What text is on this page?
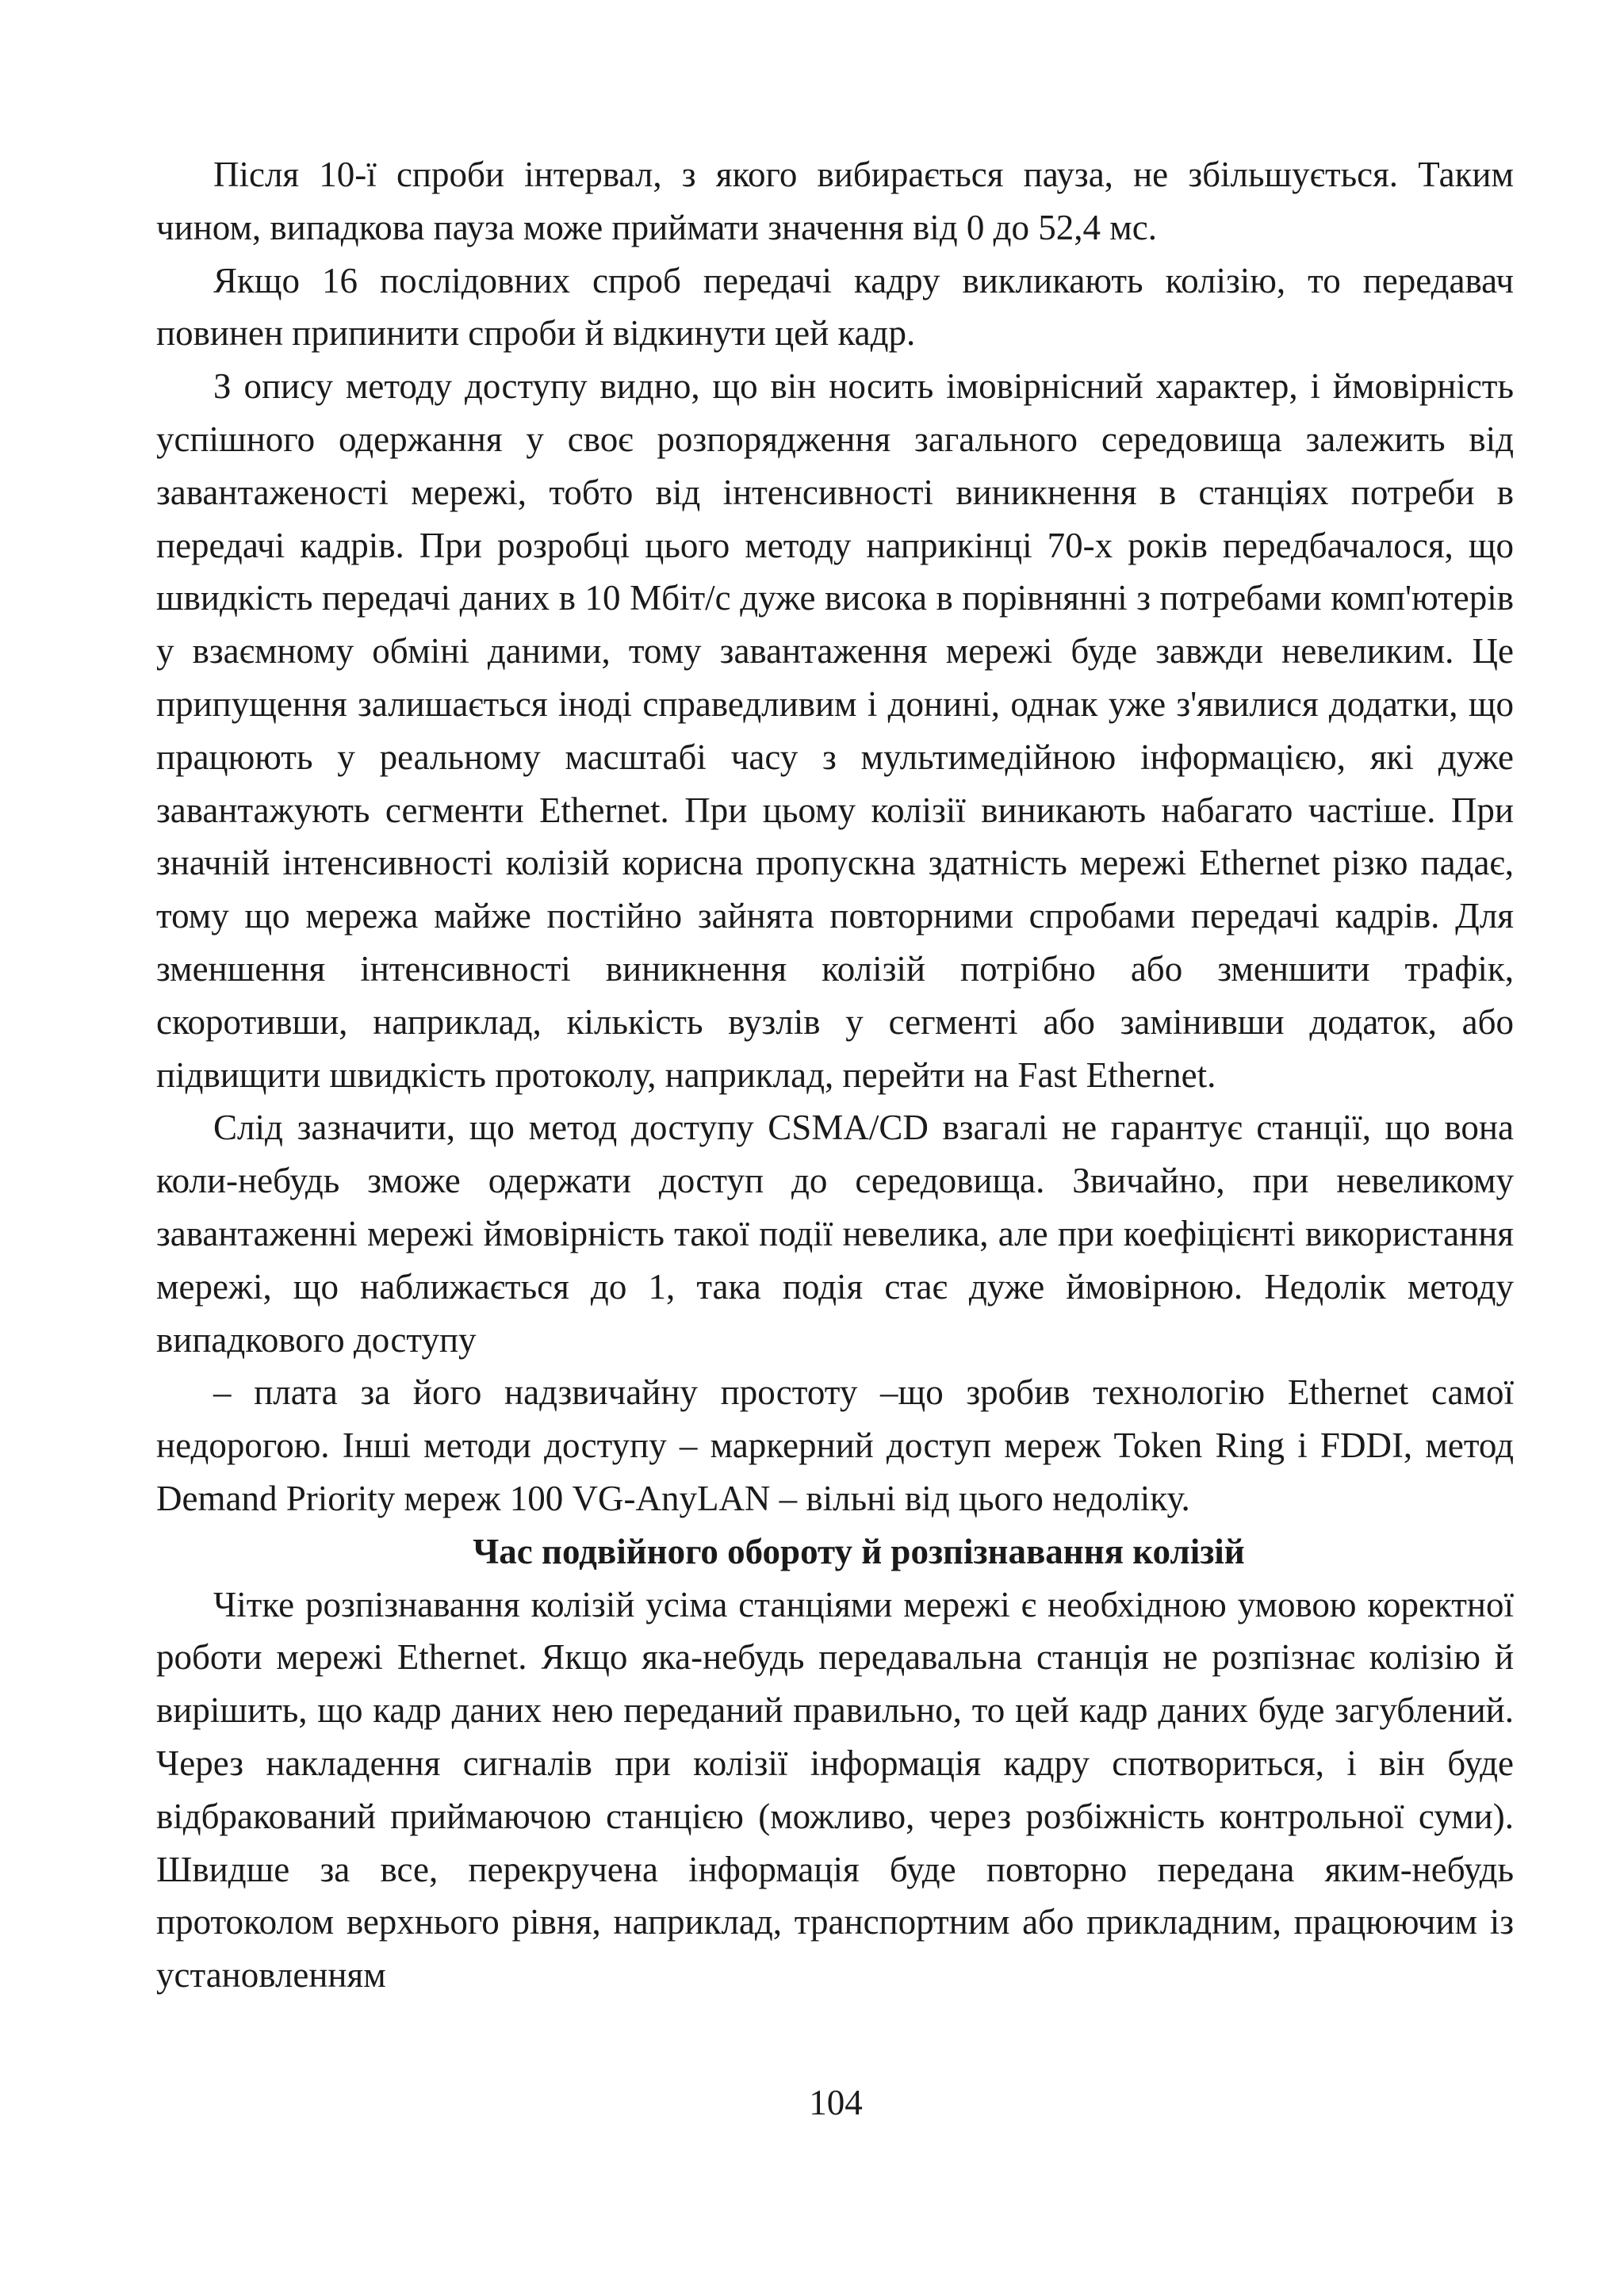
Після 10-ї спроби інтервал, з якого вибирається пауза, не збільшується. Таким чином, випадкова пауза може приймати значення від 0 до 52,4 мс.

Якщо 16 послідовних спроб передачі кадру викликають колізію, то передавач повинен припинити спроби й відкинути цей кадр.

З опису методу доступу видно, що він носить імовірнісний характер, і ймовірність успішного одержання у своє розпорядження загального середовища залежить від завантаженості мережі, тобто від інтенсивності виникнення в станціях потреби в передачі кадрів. При розробці цього методу наприкінці 70-х років передбачалося, що швидкість передачі даних в 10 Мбіт/с дуже висока в порівнянні з потребами комп'ютерів у взаємному обміні даними, тому завантаження мережі буде завжди невеликим. Це припущення залишається іноді справедливим і донині, однак уже з'явилися додатки, що працюють у реальному масштабі часу з мультимедійною інформацією, які дуже завантажують сегменти Ethernet. При цьому колізії виникають набагато частіше. При значній інтенсивності колізій корисна пропускна здатність мережі Ethernet різко падає, тому що мережа майже постійно зайнята повторними спробами передачі кадрів. Для зменшення інтенсивності виникнення колізій потрібно або зменшити трафік, скоротивши, наприклад, кількість вузлів у сегменті або замінивши додаток, або підвищити швидкість протоколу, наприклад, перейти на Fast Ethernet.

Слід зазначити, що метод доступу CSMA/CD взагалі не гарантує станції, що вона коли-небудь зможе одержати доступ до середовища. Звичайно, при невеликому завантаженні мережі ймовірність такої події невелика, але при коефіцієнті використання мережі, що наближається до 1, така подія стає дуже ймовірною. Недолік методу випадкового доступу

– плата за його надзвичайну простоту –що зробив технологію Ethernet самої недорогою. Інші методи доступу – маркерний доступ мереж Token Ring і FDDI, метод Demand Priority мереж 100 VG-AnyLAN – вільні від цього недоліку.

Час подвійного обороту й розпізнавання колізій

Чітке розпізнавання колізій усіма станціями мережі є необхідною умовою коректної роботи мережі Ethernet. Якщо яка-небудь передавальна станція не розпізнає колізію й вирішить, що кадр даних нею переданий правильно, то цей кадр даних буде загублений. Через накладення сигналів при колізії інформація кадру спотвориться, і він буде відбракований приймаючою станцією (можливо, через розбіжність контрольної суми). Швидше за все, перекручена інформація буде повторно передана яким-небудь протоколом верхнього рівня, наприклад, транспортним або прикладним, працюючим із установленням

104
